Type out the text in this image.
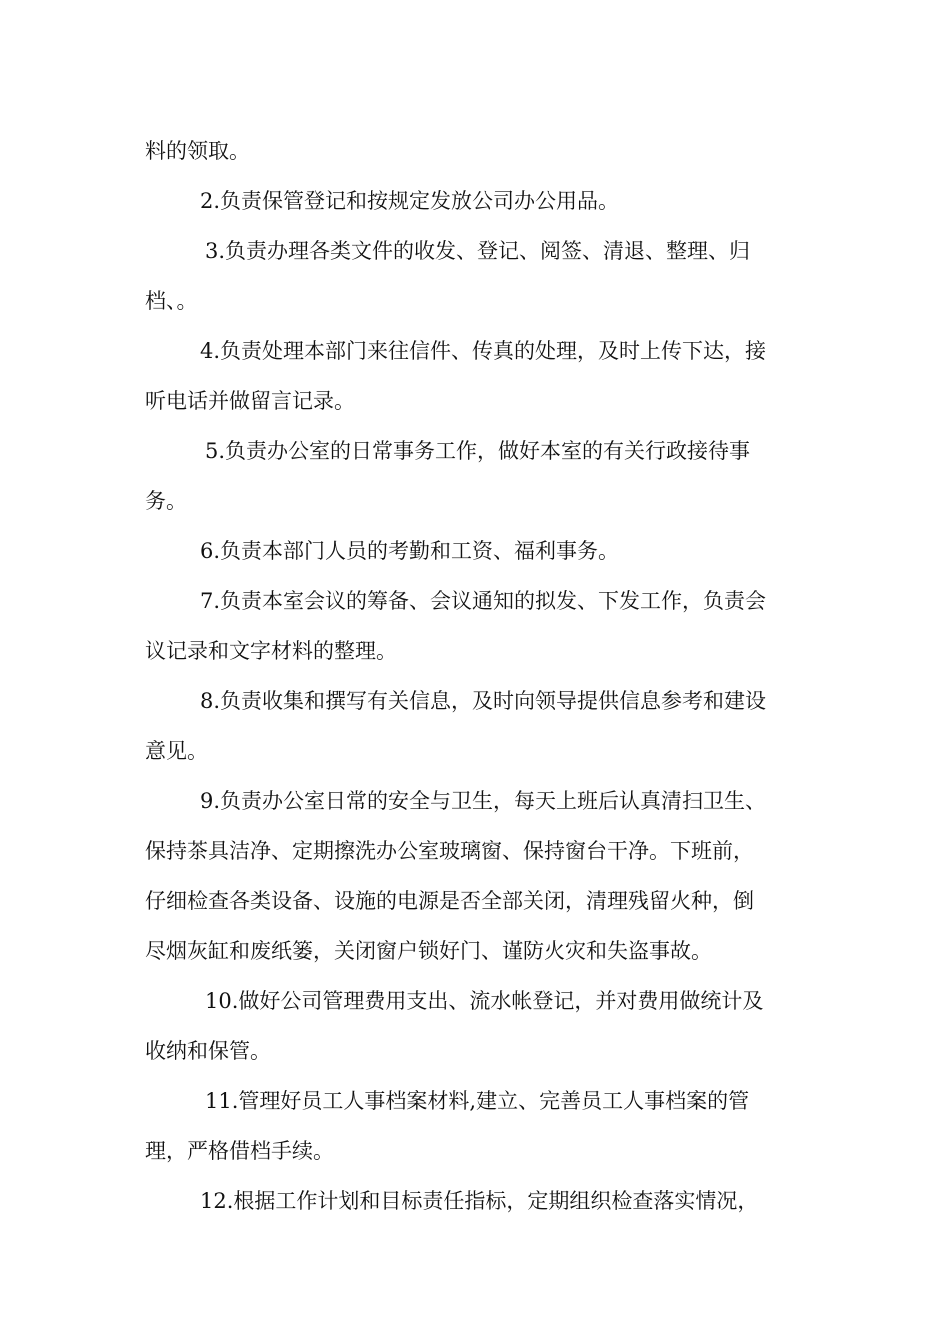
料的领取。
2.负责保管登记和按规定发放公司办公用品。
3.负责办理各类文件的收发、登记、阅签、清退、整理、归
档、。
4.负责处理本部门来往信件、传真的处理，及时上传下达，接
听电话并做留言记录。
5.负责办公室的日常事务工作，做好本室的有关行政接待事
务。
6.负责本部门人员的考勤和工资、福利事务。
7.负责本室会议的筹备、会议通知的拟发、下发工作，负责会
议记录和文字材料的整理。
8.负责收集和撰写有关信息，及时向领导提供信息参考和建设
意见。
9.负责办公室日常的安全与卫生，每天上班后认真清扫卫生、
保持茶具洁净、定期擦洗办公室玻璃窗、保持窗台干净。下班前，
仔细检查各类设备、设施的电源是否全部关闭，清理残留火种，倒
尽烟灰缸和废纸篓，关闭窗户锁好门、谨防火灾和失盗事故。
10.做好公司管理费用支出、流水帐登记，并对费用做统计及
收纳和保管。
11.管理好员工人事档案材料,建立、完善员工人事档案的管
理，严格借档手续。
12.根据工作计划和目标责任指标，定期组织检查落实情况，
